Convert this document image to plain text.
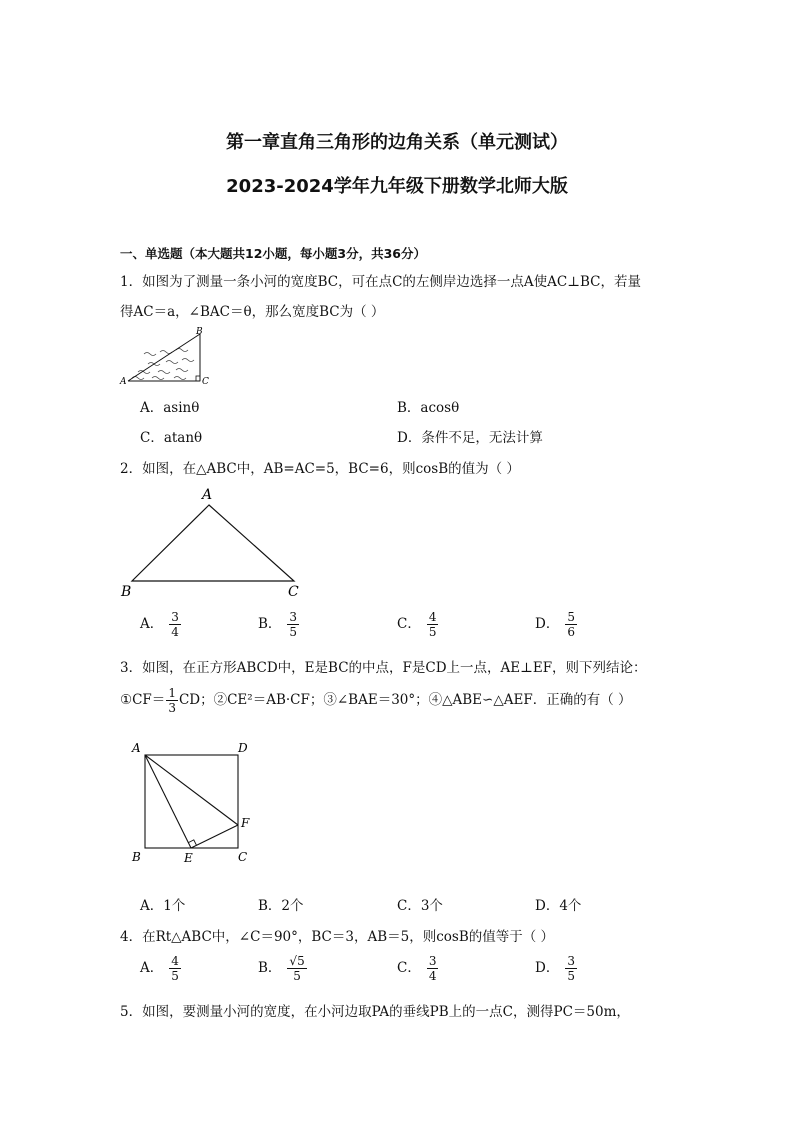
第一章直角三角形的边角关系（单元测试）
2023-2024学年九年级下册数学北师大版
一、单选题（本大题共12小题，每小题3分，共36分）
1．如图为了测量一条小河的宽度BC，可在点C的左侧岸边选择一点A使AC⊥BC，若量
得AC＝a，∠BAC＝θ，那么宽度BC为（ ）
A
B
C
A．asinθ	B．acosθ
C．atanθ	D．条件不足，无法计算
2．如图，在△ABC中，AB=AC=5，BC=6，则cosB的值为（ ）
A
B	C
A． $\frac{3}{4}$	B． $\frac{3}{5}$	C． $\frac{4}{5}$	D． $\frac{5}{6}$
3．如图，在正方形ABCD中，E是BC的中点，F是CD上一点，AE⊥EF，则下列结论：
①CF＝ $\frac{1}{3}$ CD；②CE²＝AB·CF；③∠BAE＝30°；④△ABE∽△AEF．正确的有（ ）
A	D
F
B	E	C
A．1个	B．2个	C．3个	D．4个
4．在Rt△ABC中，∠C＝90°，BC＝3，AB＝5，则cosB的值等于（ ）
A． $\frac{4}{5}$	B． $\frac{√5}{5}$	C． $\frac{3}{4}$	D． $\frac{3}{5}$
5．如图，要测量小河的宽度，在小河边取PA的垂线PB上的一点C，测得PC＝50m，
